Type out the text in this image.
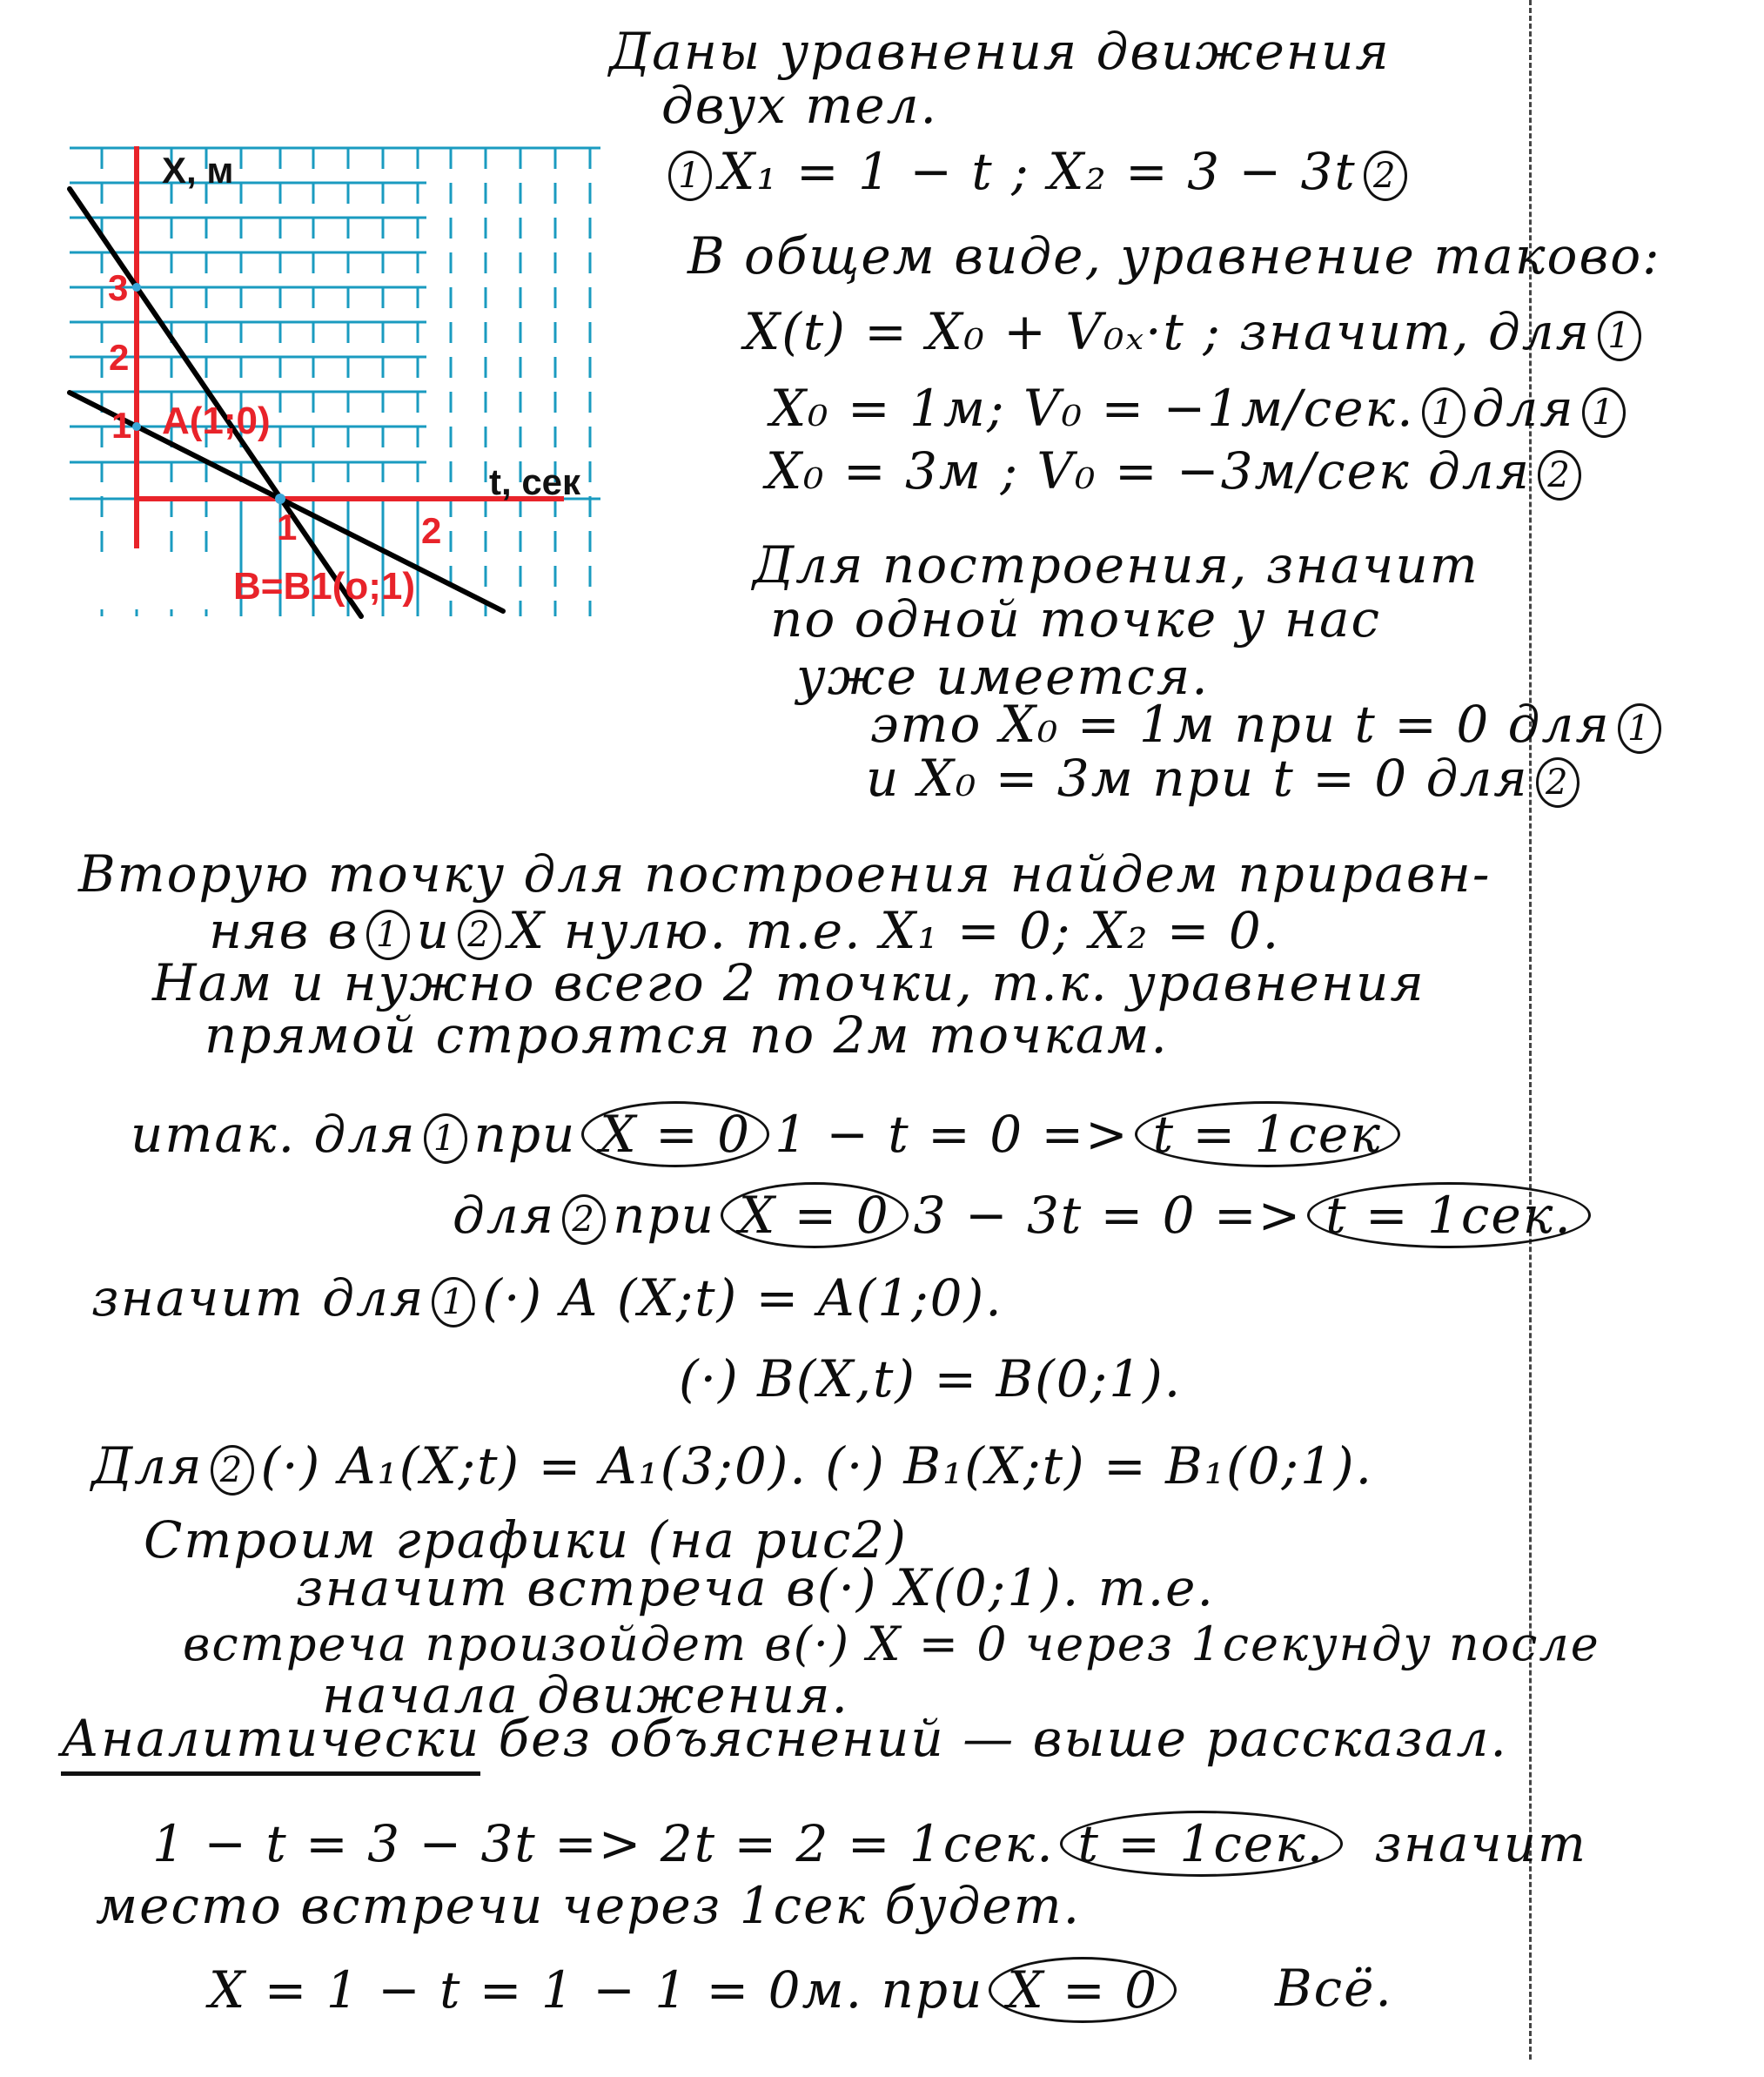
X, м
t, сек
3
2
1
1	2
A(1;0)
B=B1(o;1)
Даны уравнения движения
двух тел.
1 X₁ = 1 − t ; X₂ = 3 − 3t 2
В общем виде, уравнение таково:
X(t) = X₀ + V₀ₓ·t ; значит, для 1
X₀ = 1м; V₀ = −1м/сек. 1 для 1
X₀ = 3м ; V₀ = −3м/сек для 2
Для построения, значит
по одной точке у нас
уже имеется.
это X₀ = 1м при t = 0 для 1
и X₀ = 3м при t = 0 для 2
Вторую точку для построения найдем приравн-
няв в 1 и 2 X нулю. т.е. X₁ = 0; X₂ = 0.
Нам и нужно всего 2 точки, т.к. уравнения
прямой строятся по 2м точкам.
итак. для 1 при X = 0 1 − t = 0 => t = 1сек
для 2 при X = 0 3 − 3t = 0 => t = 1сек.
значит для 1 (·) A (X;t) = A(1;0).
(·) B(X,t) = B(0;1).
Для 2 (·) A₁(X;t) = A₁(3;0). (·) B₁(X;t) = B₁(0;1).
Строим графики (на рис2)
значит встреча в(·) X(0;1). т.е.
встреча произойдет в(·) X = 0 через 1секунду после
начала движения.
Аналитически без объяснений — выше рассказал.
1 − t = 3 − 3t => 2t = 2 = 1сек. t = 1сек. значит
место встречи через 1сек будет.
X = 1 − t = 1 − 1 = 0м. при X = 0	Всё.
